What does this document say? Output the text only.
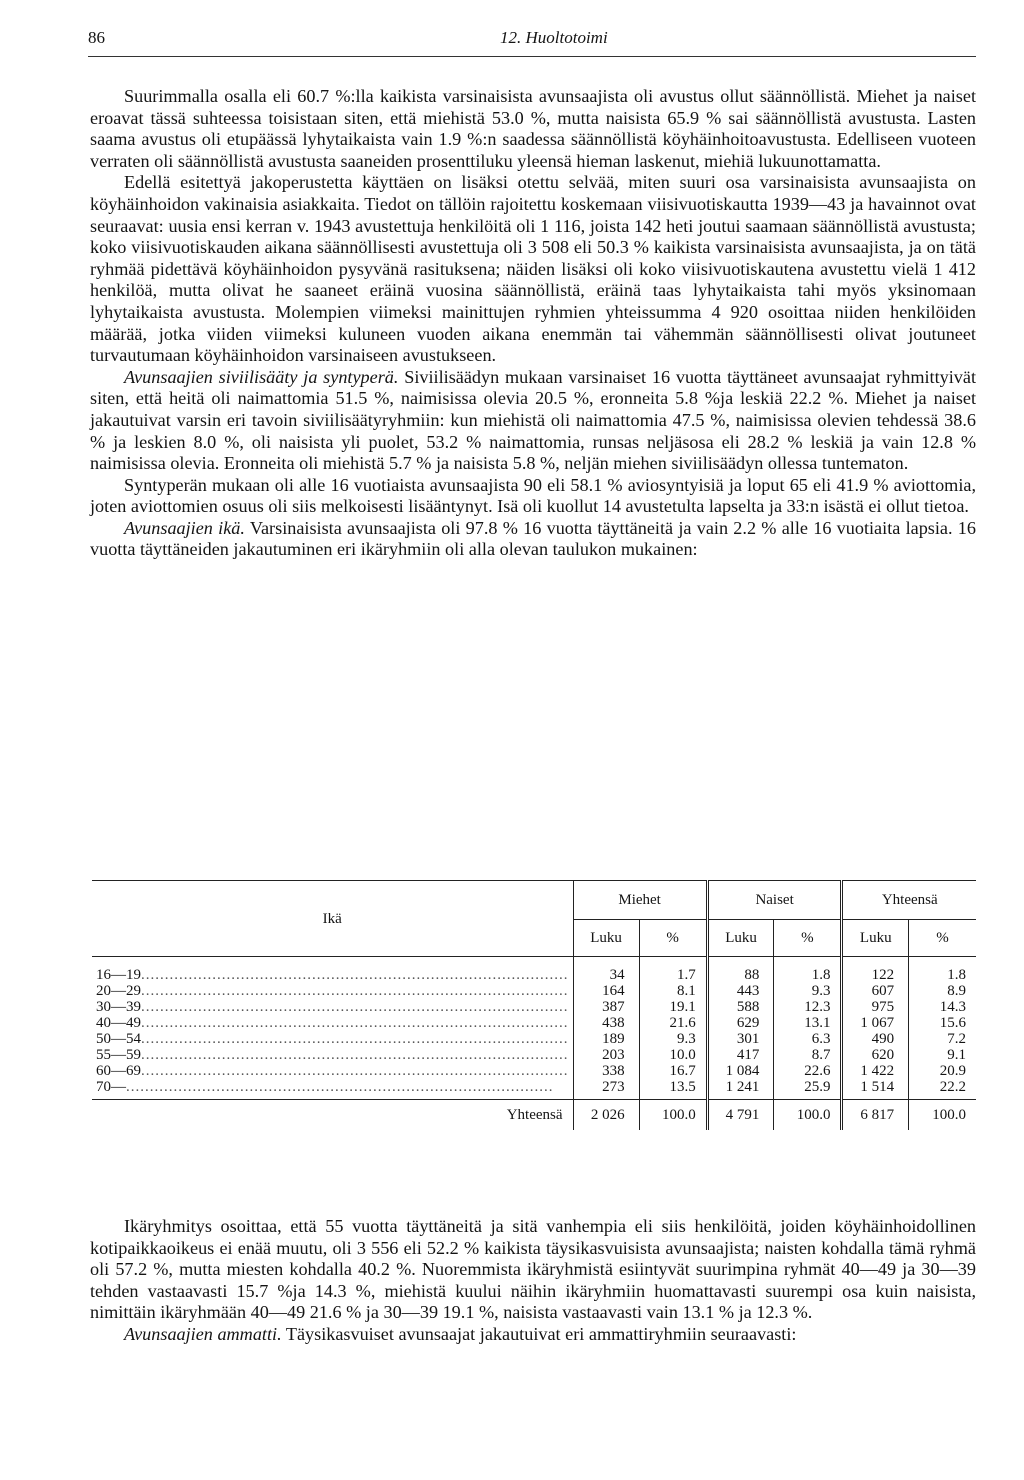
86	12. Huoltotoimi

Suurimmalla osalla eli 60.7 %:lla kaikista varsinaisista avunsaajista oli avustus ollut säännöllistä. Miehet ja naiset eroavat tässä suhteessa toisistaan siten, että miehistä 53.0 %, mutta naisista 65.9 % sai säännöllistä avustusta. Lasten saama avustus oli etupäässä lyhytaikaista vain 1.9 %:n saadessa säännöllistä köyhäinhoitoavustusta. Edelliseen vuoteen verraten oli säännöllistä avustusta saaneiden prosenttiluku yleensä hieman laskenut, miehiä lukuunottamatta.

Edellä esitettyä jakoperustetta käyttäen on lisäksi otettu selvää, miten suuri osa varsinaisista avunsaajista on köyhäinhoidon vakinaisia asiakkaita. Tiedot on tällöin rajoitettu koskemaan viisivuotiskautta 1939—43 ja havainnot ovat seuraavat: uusia ensi kerran v. 1943 avustettuja henkilöitä oli 1 116, joista 142 heti joutui saamaan säännöllistä avustusta; koko viisivuotiskauden aikana säännöllisesti avustettuja oli 3 508 eli 50.3 % kaikista varsinaisista avunsaajista, ja on tätä ryhmää pidettävä köyhäinhoidon pysyvänä rasituksena; näiden lisäksi oli koko viisivuotiskautena avustettu vielä 1 412 henkilöä, mutta olivat he saaneet eräinä vuosina säännöllistä, eräinä taas lyhytaikaista tahi myös yksinomaan lyhytaikaista avustusta. Molempien viimeksi mainittujen ryhmien yhteissumma 4 920 osoittaa niiden henkilöiden määrää, jotka viiden viimeksi kuluneen vuoden aikana enemmän tai vähemmän säännöllisesti olivat joutuneet turvautumaan köyhäinhoidon varsinaiseen avustukseen.

Avunsaajien siviilisääty ja syntyperä. Siviilisäädyn mukaan varsinaiset 16 vuotta täyttäneet avunsaajat ryhmittyivät siten, että heitä oli naimattomia 51.5 %, naimisissa olevia 20.5 %, eronneita 5.8 %ja leskiä 22.2 %. Miehet ja naiset jakautuivat varsin eri tavoin siviilisäätyryhmiin: kun miehistä oli naimattomia 47.5 %, naimisissa olevien tehdessä 38.6 % ja leskien 8.0 %, oli naisista yli puolet, 53.2 % naimattomia, runsas neljäsosa eli 28.2 % leskiä ja vain 12.8 % naimisissa olevia. Eronneita oli miehistä 5.7 % ja naisista 5.8 %, neljän miehen siviilisäädyn ollessa tuntematon.

Syntyperän mukaan oli alle 16 vuotiaista avunsaajista 90 eli 58.1 % aviosyntyisiä ja loput 65 eli 41.9 % aviottomia, joten aviottomien osuus oli siis melkoisesti lisääntynyt. Isä oli kuollut 14 avustetulta lapselta ja 33:n isästä ei ollut tietoa.

Avunsaajien ikä. Varsinaisista avunsaajista oli 97.8 % 16 vuotta täyttäneitä ja vain 2.2 % alle 16 vuotiaita lapsia. 16 vuotta täyttäneiden jakautuminen eri ikäryhmiin oli alla olevan taulukon mukainen:

Ikä	Miehet		Naiset		Yhteensä	
	Luku	%	Luku	%	Luku	%
16—19..........................................................................................	34	1.7	88	1.8	122	1.8
20—29..........................................................................................	164	8.1	443	9.3	607	8.9
30—39..........................................................................................	387	19.1	588	12.3	975	14.3
40—49..........................................................................................	438	21.6	629	13.1	1 067	15.6
50—54..........................................................................................	189	9.3	301	6.3	490	7.2
55—59..........................................................................................	203	10.0	417	8.7	620	9.1
60—69..........................................................................................	338	16.7	1 084	22.6	1 422	20.9
70—..........................................................................................	273	13.5	1 241	25.9	1 514	22.2
Yhteensä	2 026	100.0	4 791	100.0	6 817	100.0

Ikäryhmitys osoittaa, että 55 vuotta täyttäneitä ja sitä vanhempia eli siis henkilöitä, joiden köyhäinhoidollinen kotipaikkaoikeus ei enää muutu, oli 3 556 eli 52.2 % kaikista täysikasvuisista avunsaajista; naisten kohdalla tämä ryhmä oli 57.2 %, mutta miesten kohdalla 40.2 %. Nuoremmista ikäryhmistä esiintyvät suurimpina ryhmät 40—49 ja 30—39 tehden vastaavasti 15.7 %ja 14.3 %, miehistä kuului näihin ikäryhmiin huomattavasti suurempi osa kuin naisista, nimittäin ikäryhmään 40—49 21.6 % ja 30—39 19.1 %, naisista vastaavasti vain 13.1 % ja 12.3 %.

Avunsaajien ammatti. Täysikasvuiset avunsaajat jakautuivat eri ammattiryhmiin seuraavasti:
